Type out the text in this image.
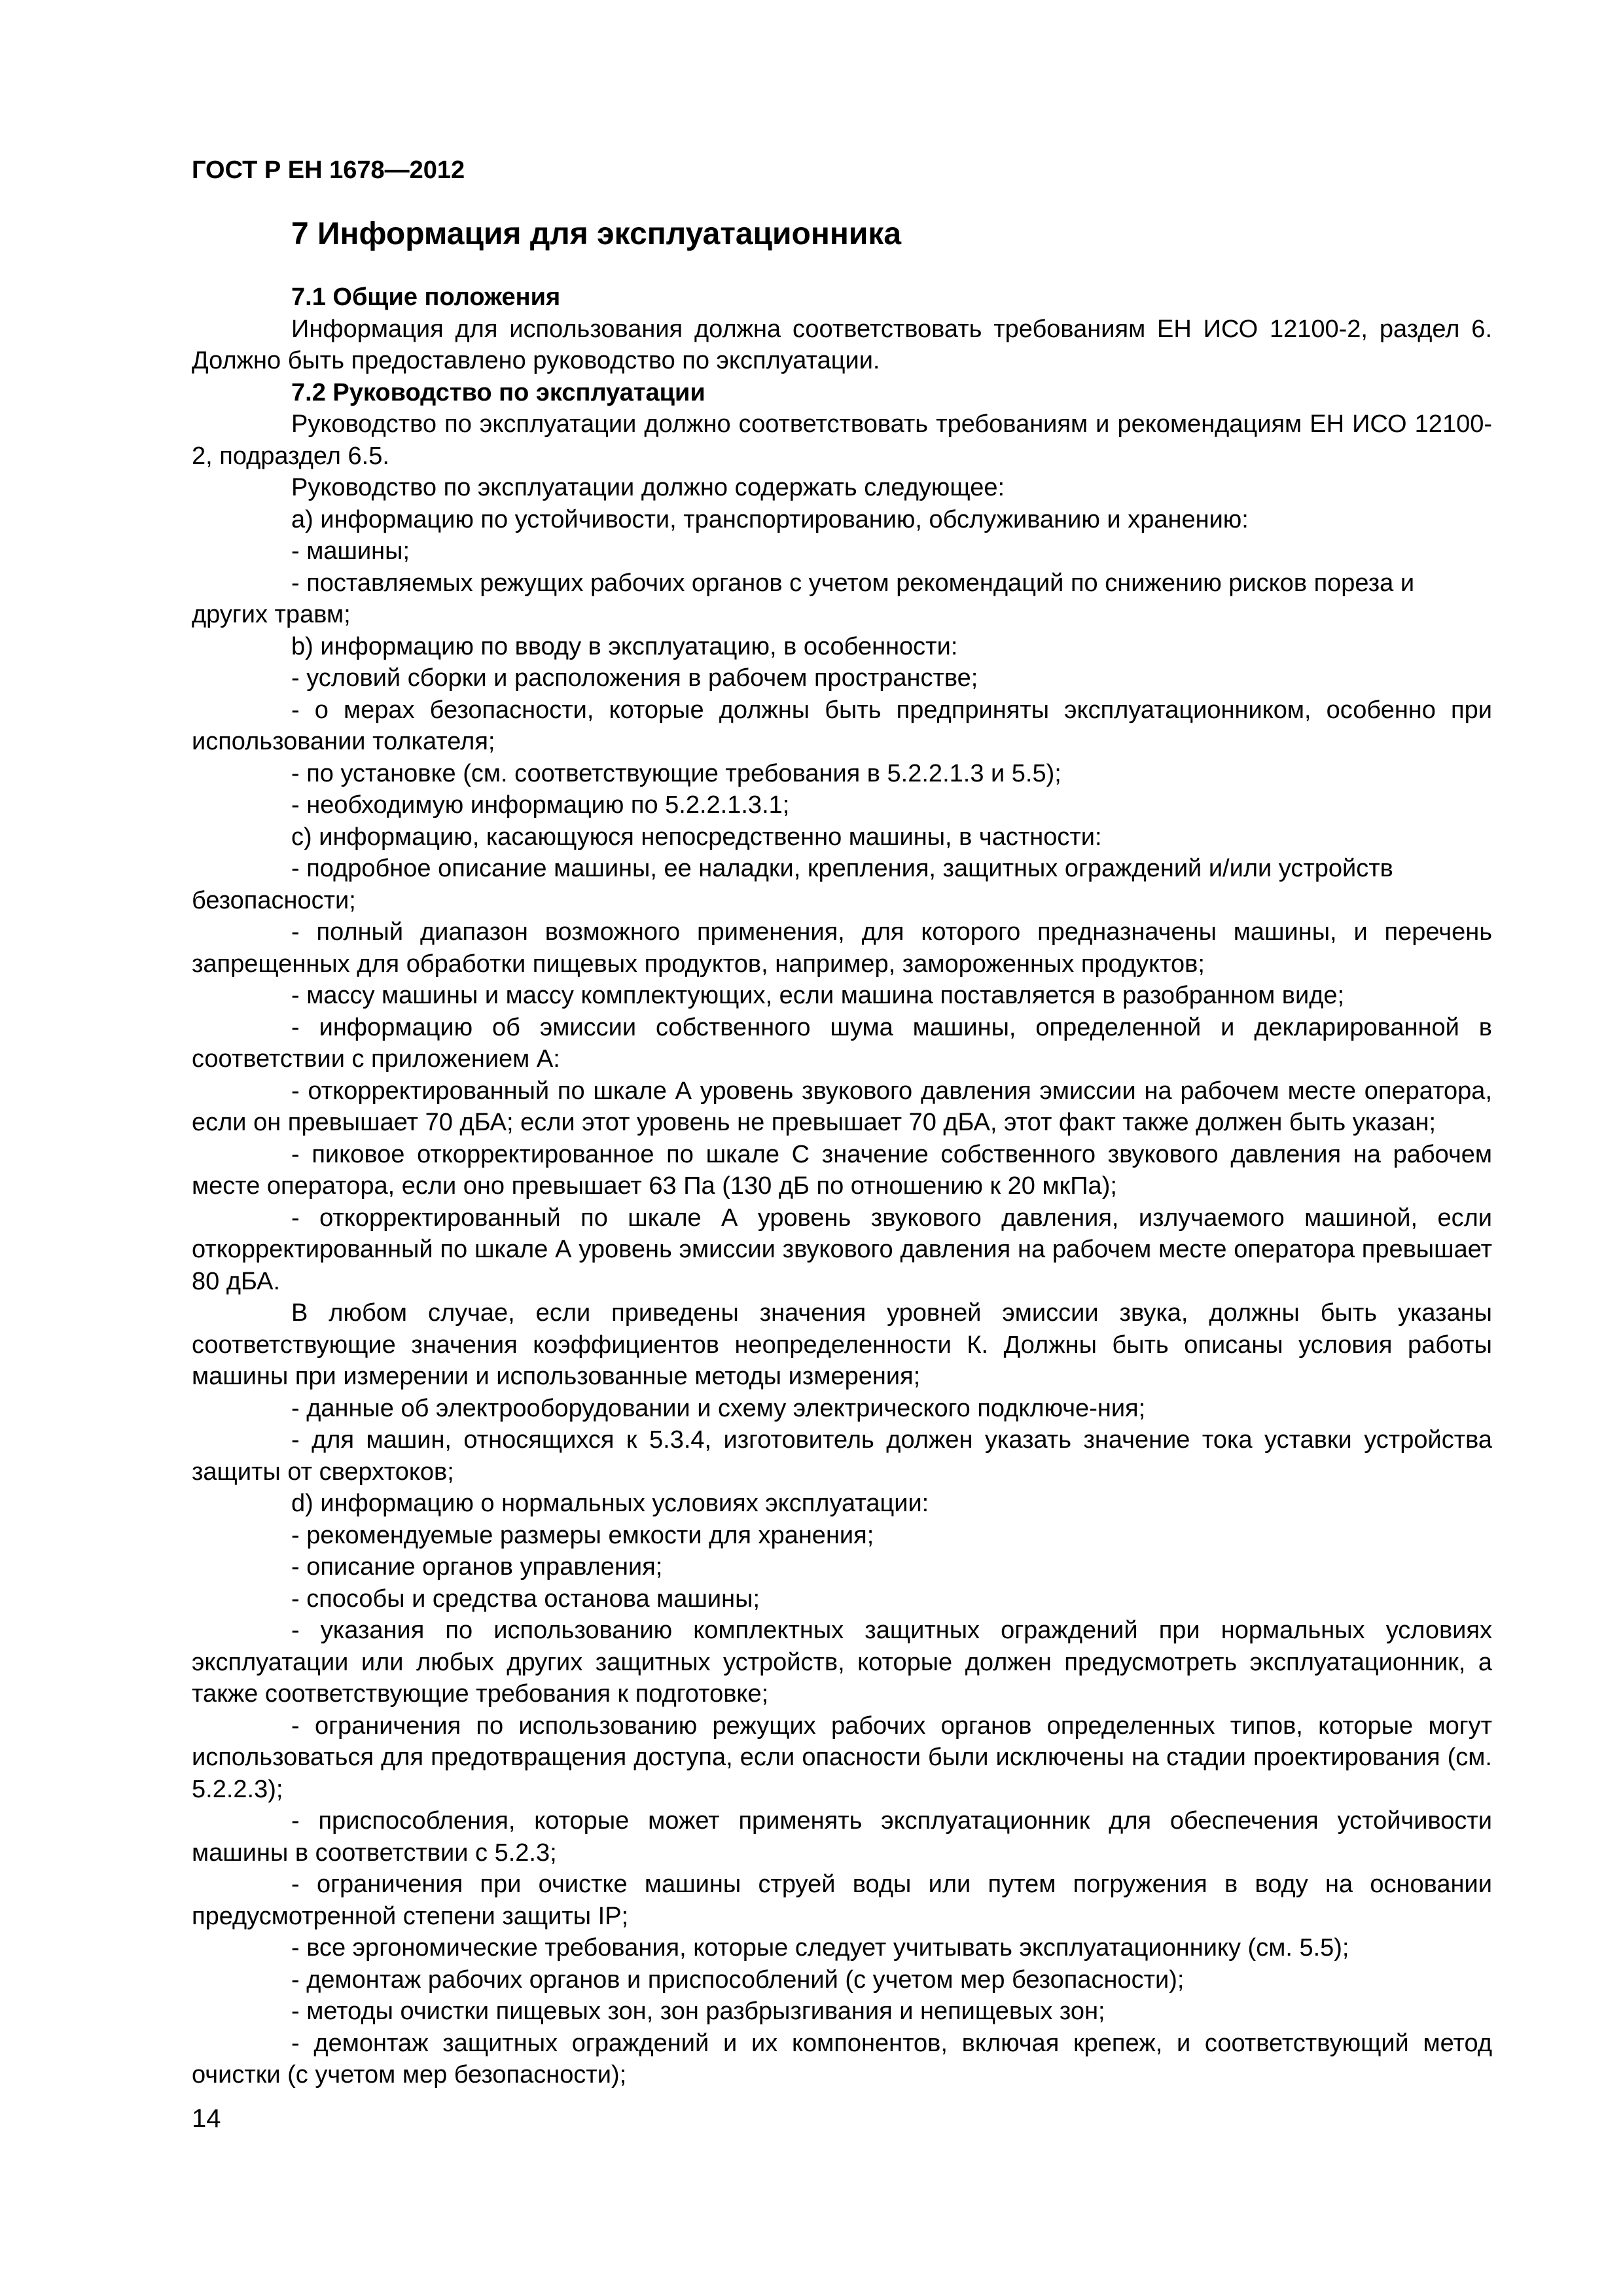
ГОСТ Р ЕН 1678—2012
7 Информация для эксплуатационника

7.1 Общие положения

Информация для использования должна соответствовать требованиям ЕН ИСО 12100-2, раздел 6. Должно быть предоставлено руководство по эксплуатации.

7.2 Руководство по эксплуатации

Руководство по эксплуатации должно соответствовать требованиям и рекомендациям ЕН ИСО 12100-2, подраздел 6.5.

Руководство по эксплуатации должно содержать следующее:

а) информацию по устойчивости, транспортированию, обслуживанию и хранению:

- машины;

- поставляемых режущих рабочих органов с учетом рекомендаций по снижению рисков пореза и других травм;

b) информацию по вводу в эксплуатацию, в особенности:

- условий сборки и расположения в рабочем пространстве;

- о мерах безопасности, которые должны быть предприняты эксплуатационником, особенно при использовании толкателя;

- по установке (см. соответствующие требования в 5.2.2.1.3 и 5.5);

- необходимую информацию по 5.2.2.1.3.1;

с) информацию, касающуюся непосредственно машины, в частности:

- подробное описание машины, ее наладки, крепления, защитных ограждений и/или устройств безопасности;

- полный диапазон возможного применения, для которого предназначены машины, и перечень запрещенных для обработки пищевых продуктов, например, замороженных продуктов;

- массу машины и массу комплектующих, если машина поставляется в разобранном виде;

- информацию об эмиссии собственного шума машины, определенной и декларированной в соответствии с приложением А:

- откорректированный по шкале А уровень звукового давления эмиссии на рабочем месте оператора, если он превышает 70 дБА; если этот уровень не превышает 70 дБА, этот факт также должен быть указан;

- пиковое откорректированное по шкале С значение собственного звукового давления на рабочем месте оператора, если оно превышает 63 Па (130 дБ по отношению к 20 мкПа);

- откорректированный по шкале А уровень звукового давления, излучаемого машиной, если откорректированный по шкале А уровень эмиссии звукового давления на рабочем месте оператора превышает 80 дБА.

В любом случае, если приведены значения уровней эмиссии звука, должны быть указаны соответствующие значения коэффициентов неопределенности К. Должны быть описаны условия работы машины при измерении и использованные методы измерения;

- данные об электрооборудовании и схему электрического подключе-ния;

- для машин, относящихся к 5.3.4, изготовитель должен указать значение тока уставки устройства защиты от сверхтоков;

d) информацию о нормальных условиях эксплуатации:

- рекомендуемые размеры емкости для хранения;

- описание органов управления;

- способы и средства останова машины;

- указания по использованию комплектных защитных ограждений при нормальных условиях эксплуатации или любых других защитных устройств, которые должен предусмотреть эксплуатационник, а также соответствующие требования к подготовке;

- ограничения по использованию режущих рабочих органов определенных типов, которые могут использоваться для предотвращения доступа, если опасности были исключены на стадии проектирования (см. 5.2.2.3);

- приспособления, которые может применять эксплуатационник для обеспечения устойчивости машины в соответствии с 5.2.3;

- ограничения при очистке машины струей воды или путем погружения в воду на основании предусмотренной степени защиты IP;

- все эргономические требования, которые следует учитывать эксплуатационнику (см. 5.5);

- демонтаж рабочих органов и приспособлений (с учетом мер безопасности);

- методы очистки пищевых зон, зон разбрызгивания и непищевых зон;

- демонтаж защитных ограждений и их компонентов, включая крепеж, и соответствующий метод очистки (с учетом мер безопасности);

14
